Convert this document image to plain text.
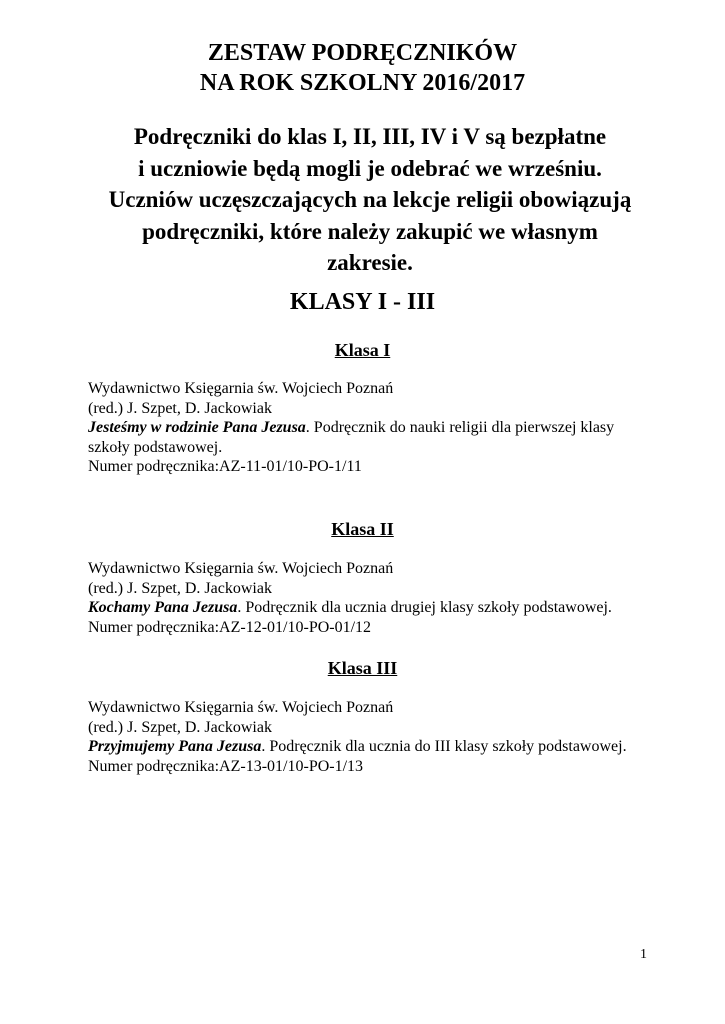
ZESTAW PODRĘCZNIKÓW
NA ROK SZKOLNY 2016/2017
Podręczniki do klas I, II, III, IV i V są bezpłatne
i uczniowie będą mogli je odebrać we wrześniu.
Uczniów uczęszczających na lekcje religii obowiązują
podręczniki, które należy zakupić we własnym
zakresie.
KLASY I - III
Klasa I
Wydawnictwo Księgarnia św. Wojciech Poznań
(red.) J. Szpet, D. Jackowiak
Jesteśmy w rodzinie Pana Jezusa. Podręcznik do nauki religii dla pierwszej klasy szkoły podstawowej.
Numer podręcznika:AZ-11-01/10-PO-1/11
Klasa II
Wydawnictwo Księgarnia św. Wojciech Poznań
(red.) J. Szpet, D. Jackowiak
Kochamy Pana Jezusa. Podręcznik dla ucznia drugiej klasy szkoły podstawowej.
Numer podręcznika:AZ-12-01/10-PO-01/12
Klasa III
Wydawnictwo Księgarnia św. Wojciech Poznań
(red.) J. Szpet, D. Jackowiak
Przyjmujemy Pana Jezusa. Podręcznik dla ucznia do III klasy szkoły podstawowej.
Numer podręcznika:AZ-13-01/10-PO-1/13
1
